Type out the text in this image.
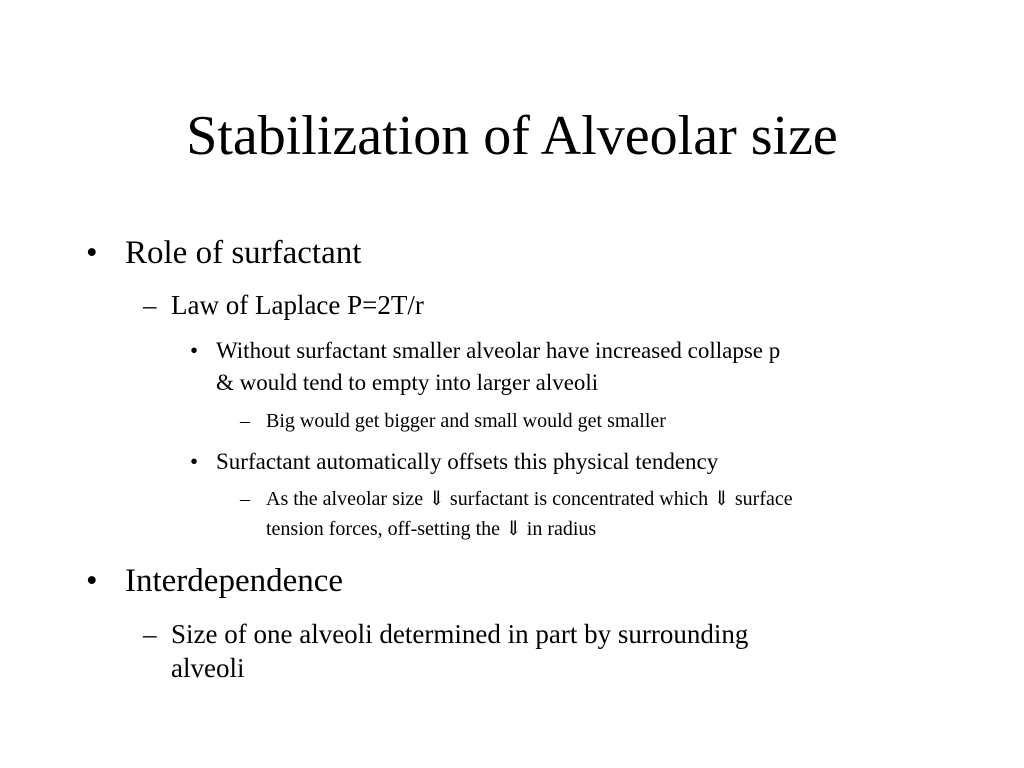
Stabilization of Alveolar size
• Role of surfactant
– Law of Laplace P=2T/r
• Without surfactant smaller alveolar have increased collapse p
& would tend to empty into larger alveoli
– Big would get bigger and small would get smaller
• Surfactant automatically offsets this physical tendency
– As the alveolar size ⇓ surfactant is concentrated which ⇓ surface
tension forces, off-setting the ⇓ in radius
• Interdependence
– Size of one alveoli determined in part by surrounding
alveoli
